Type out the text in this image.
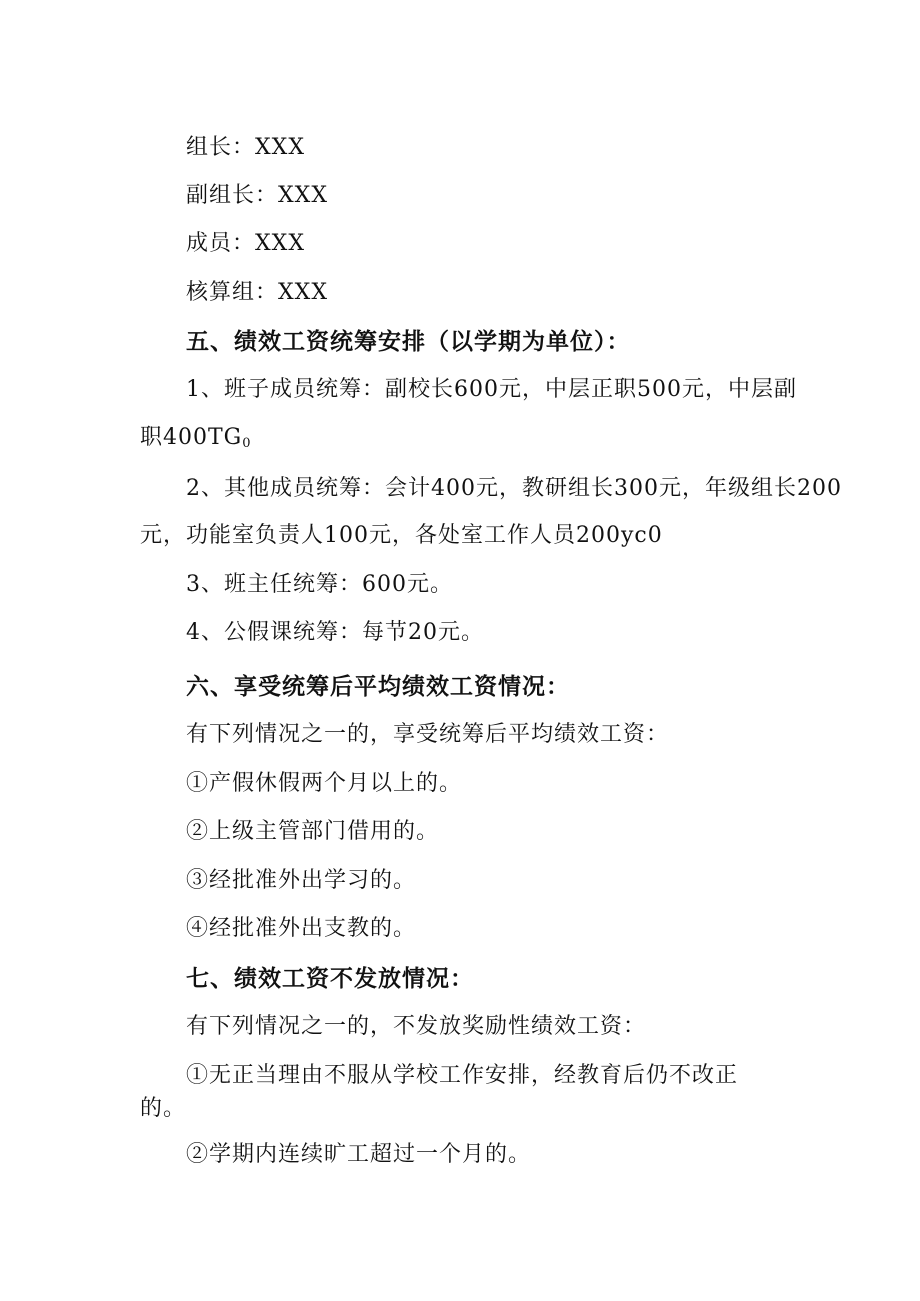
组长：XXX
副组长：XXX
成员：XXX
核算组：XXX
五、绩效工资统筹安排（以学期为单位）：
1、班子成员统筹：副校长600元，中层正职500元，中层副
职$400TG_0$
2、其他成员统筹：会计400元，教研组长300元，年级组长200
元，功能室负责人100元，各处室工作人员200yc0
3、班主任统筹：600元。
4、公假课统筹：每节20元。
六、享受统筹后平均绩效工资情况：
有下列情况之一的，享受统筹后平均绩效工资：
①产假休假两个月以上的。
②上级主管部门借用的。
③经批准外出学习的。
④经批准外出支教的。
七、绩效工资不发放情况：
有下列情况之一的，不发放奖励性绩效工资：
①无正当理由不服从学校工作安排，经教育后仍不改正
的。
②学期内连续旷工超过一个月的。
